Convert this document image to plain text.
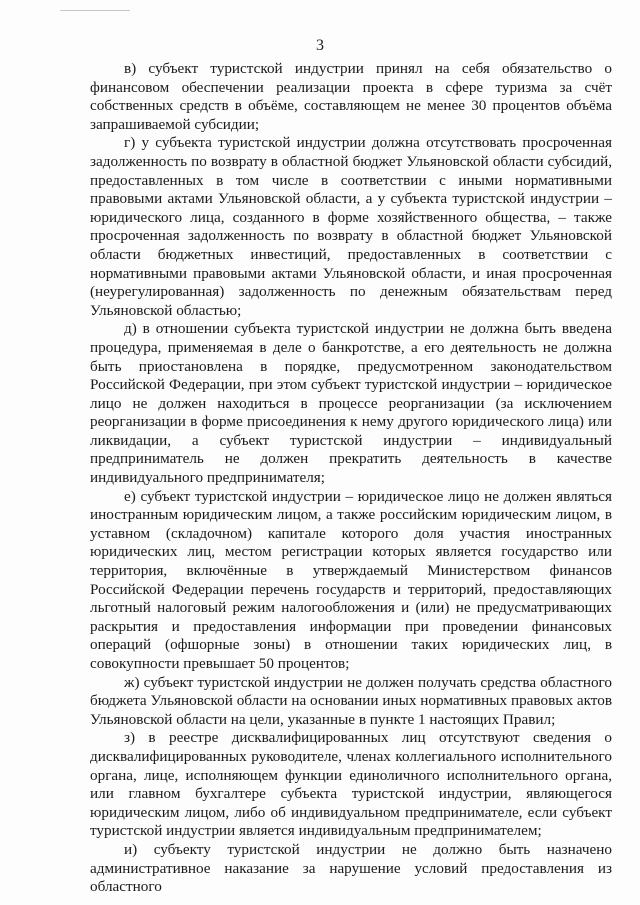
3

в) субъект туристской индустрии принял на себя обязательство о финансовом обеспечении реализации проекта в сфере туризма за счёт собственных средств в объёме, составляющем не менее 30 процентов объёма запрашиваемой субсидии;

г) у субъекта туристской индустрии должна отсутствовать просроченная задолженность по возврату в областной бюджет Ульяновской области субсидий, предоставленных в том числе в соответствии с иными нормативными правовыми актами Ульяновской области, а у субъекта туристской индустрии – юридического лица, созданного в форме хозяйственного общества, – также просроченная задолженность по возврату в областной бюджет Ульяновской области бюджетных инвестиций, предоставленных в соответствии с нормативными правовыми актами Ульяновской области, и иная просроченная (неурегулированная) задолженность по денежным обязательствам перед Ульяновской областью;

д) в отношении субъекта туристской индустрии не должна быть введена процедура, применяемая в деле о банкротстве, а его деятельность не должна быть приостановлена в порядке, предусмотренном законодательством Российской Федерации, при этом субъект туристской индустрии – юридическое лицо не должен находиться в процессе реорганизации (за исключением реорганизации в форме присоединения к нему другого юридического лица) или ликвидации, а субъект туристской индустрии – индивидуальный предприниматель не должен прекратить деятельность в качестве индивидуального предпринимателя;

е) субъект туристской индустрии – юридическое лицо не должен являться иностранным юридическим лицом, а также российским юридическим лицом, в уставном (складочном) капитале которого доля участия иностранных юридических лиц, местом регистрации которых является государство или территория, включённые в утверждаемый Министерством финансов Российской Федерации перечень государств и территорий, предоставляющих льготный налоговый режим налогообложения и (или) не предусматривающих раскрытия и предоставления информации при проведении финансовых операций (офшорные зоны) в отношении таких юридических лиц, в совокупности превышает 50 процентов;

ж) субъект туристской индустрии не должен получать средства областного бюджета Ульяновской области на основании иных нормативных правовых актов Ульяновской области на цели, указанные в пункте 1 настоящих Правил;

з) в реестре дисквалифицированных лиц отсутствуют сведения о дисквалифицированных руководителе, членах коллегиального исполнительного органа, лице, исполняющем функции единоличного исполнительного органа, или главном бухгалтере субъекта туристской индустрии, являющегося юридическим лицом, либо об индивидуальном предпринимателе, если субъект туристской индустрии является индивидуальным предпринимателем;

и) субъекту туристской индустрии не должно быть назначено административное наказание за нарушение условий предоставления из областного
